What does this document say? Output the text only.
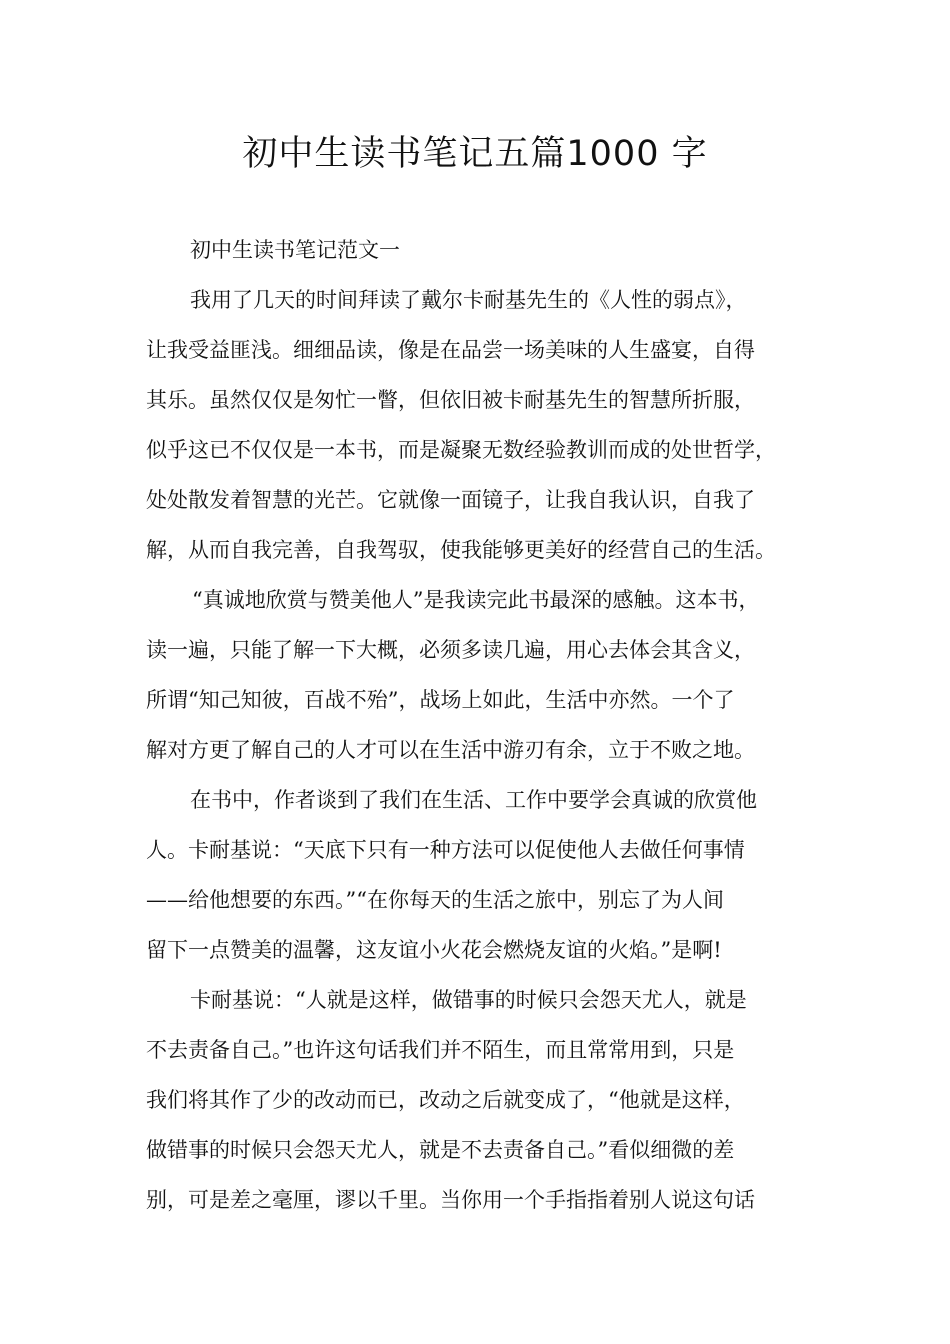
初中生读书笔记五篇1000 字
初中生读书笔记范文一
我用了几天的时间拜读了戴尔卡耐基先生的《人性的弱点》，
让我受益匪浅。细细品读，像是在品尝一场美味的人生盛宴，自得
其乐。虽然仅仅是匆忙一瞥，但依旧被卡耐基先生的智慧所折服，
似乎这已不仅仅是一本书，而是凝聚无数经验教训而成的处世哲学，
处处散发着智慧的光芒。它就像一面镜子，让我自我认识，自我了
解，从而自我完善，自我驾驭，使我能够更美好的经营自己的生活。
“真诚地欣赏与赞美他人”是我读完此书最深的感触。这本书，
读一遍，只能了解一下大概，必须多读几遍，用心去体会其含义，
所谓“知己知彼，百战不殆”，战场上如此，生活中亦然。一个了
解对方更了解自己的人才可以在生活中游刃有余，立于不败之地。
在书中，作者谈到了我们在生活、工作中要学会真诚的欣赏他
人。卡耐基说：“天底下只有一种方法可以促使他人去做任何事情
——给他想要的东西。”“在你每天的生活之旅中，别忘了为人间
留下一点赞美的温馨，这友谊小火花会燃烧友谊的火焰。”是啊!
卡耐基说：“人就是这样，做错事的时候只会怨天尤人，就是
不去责备自己。”也许这句话我们并不陌生，而且常常用到，只是
我们将其作了少的改动而已，改动之后就变成了，“他就是这样，
做错事的时候只会怨天尤人，就是不去责备自己。”看似细微的差
别，可是差之毫厘，谬以千里。当你用一个手指指着别人说这句话
